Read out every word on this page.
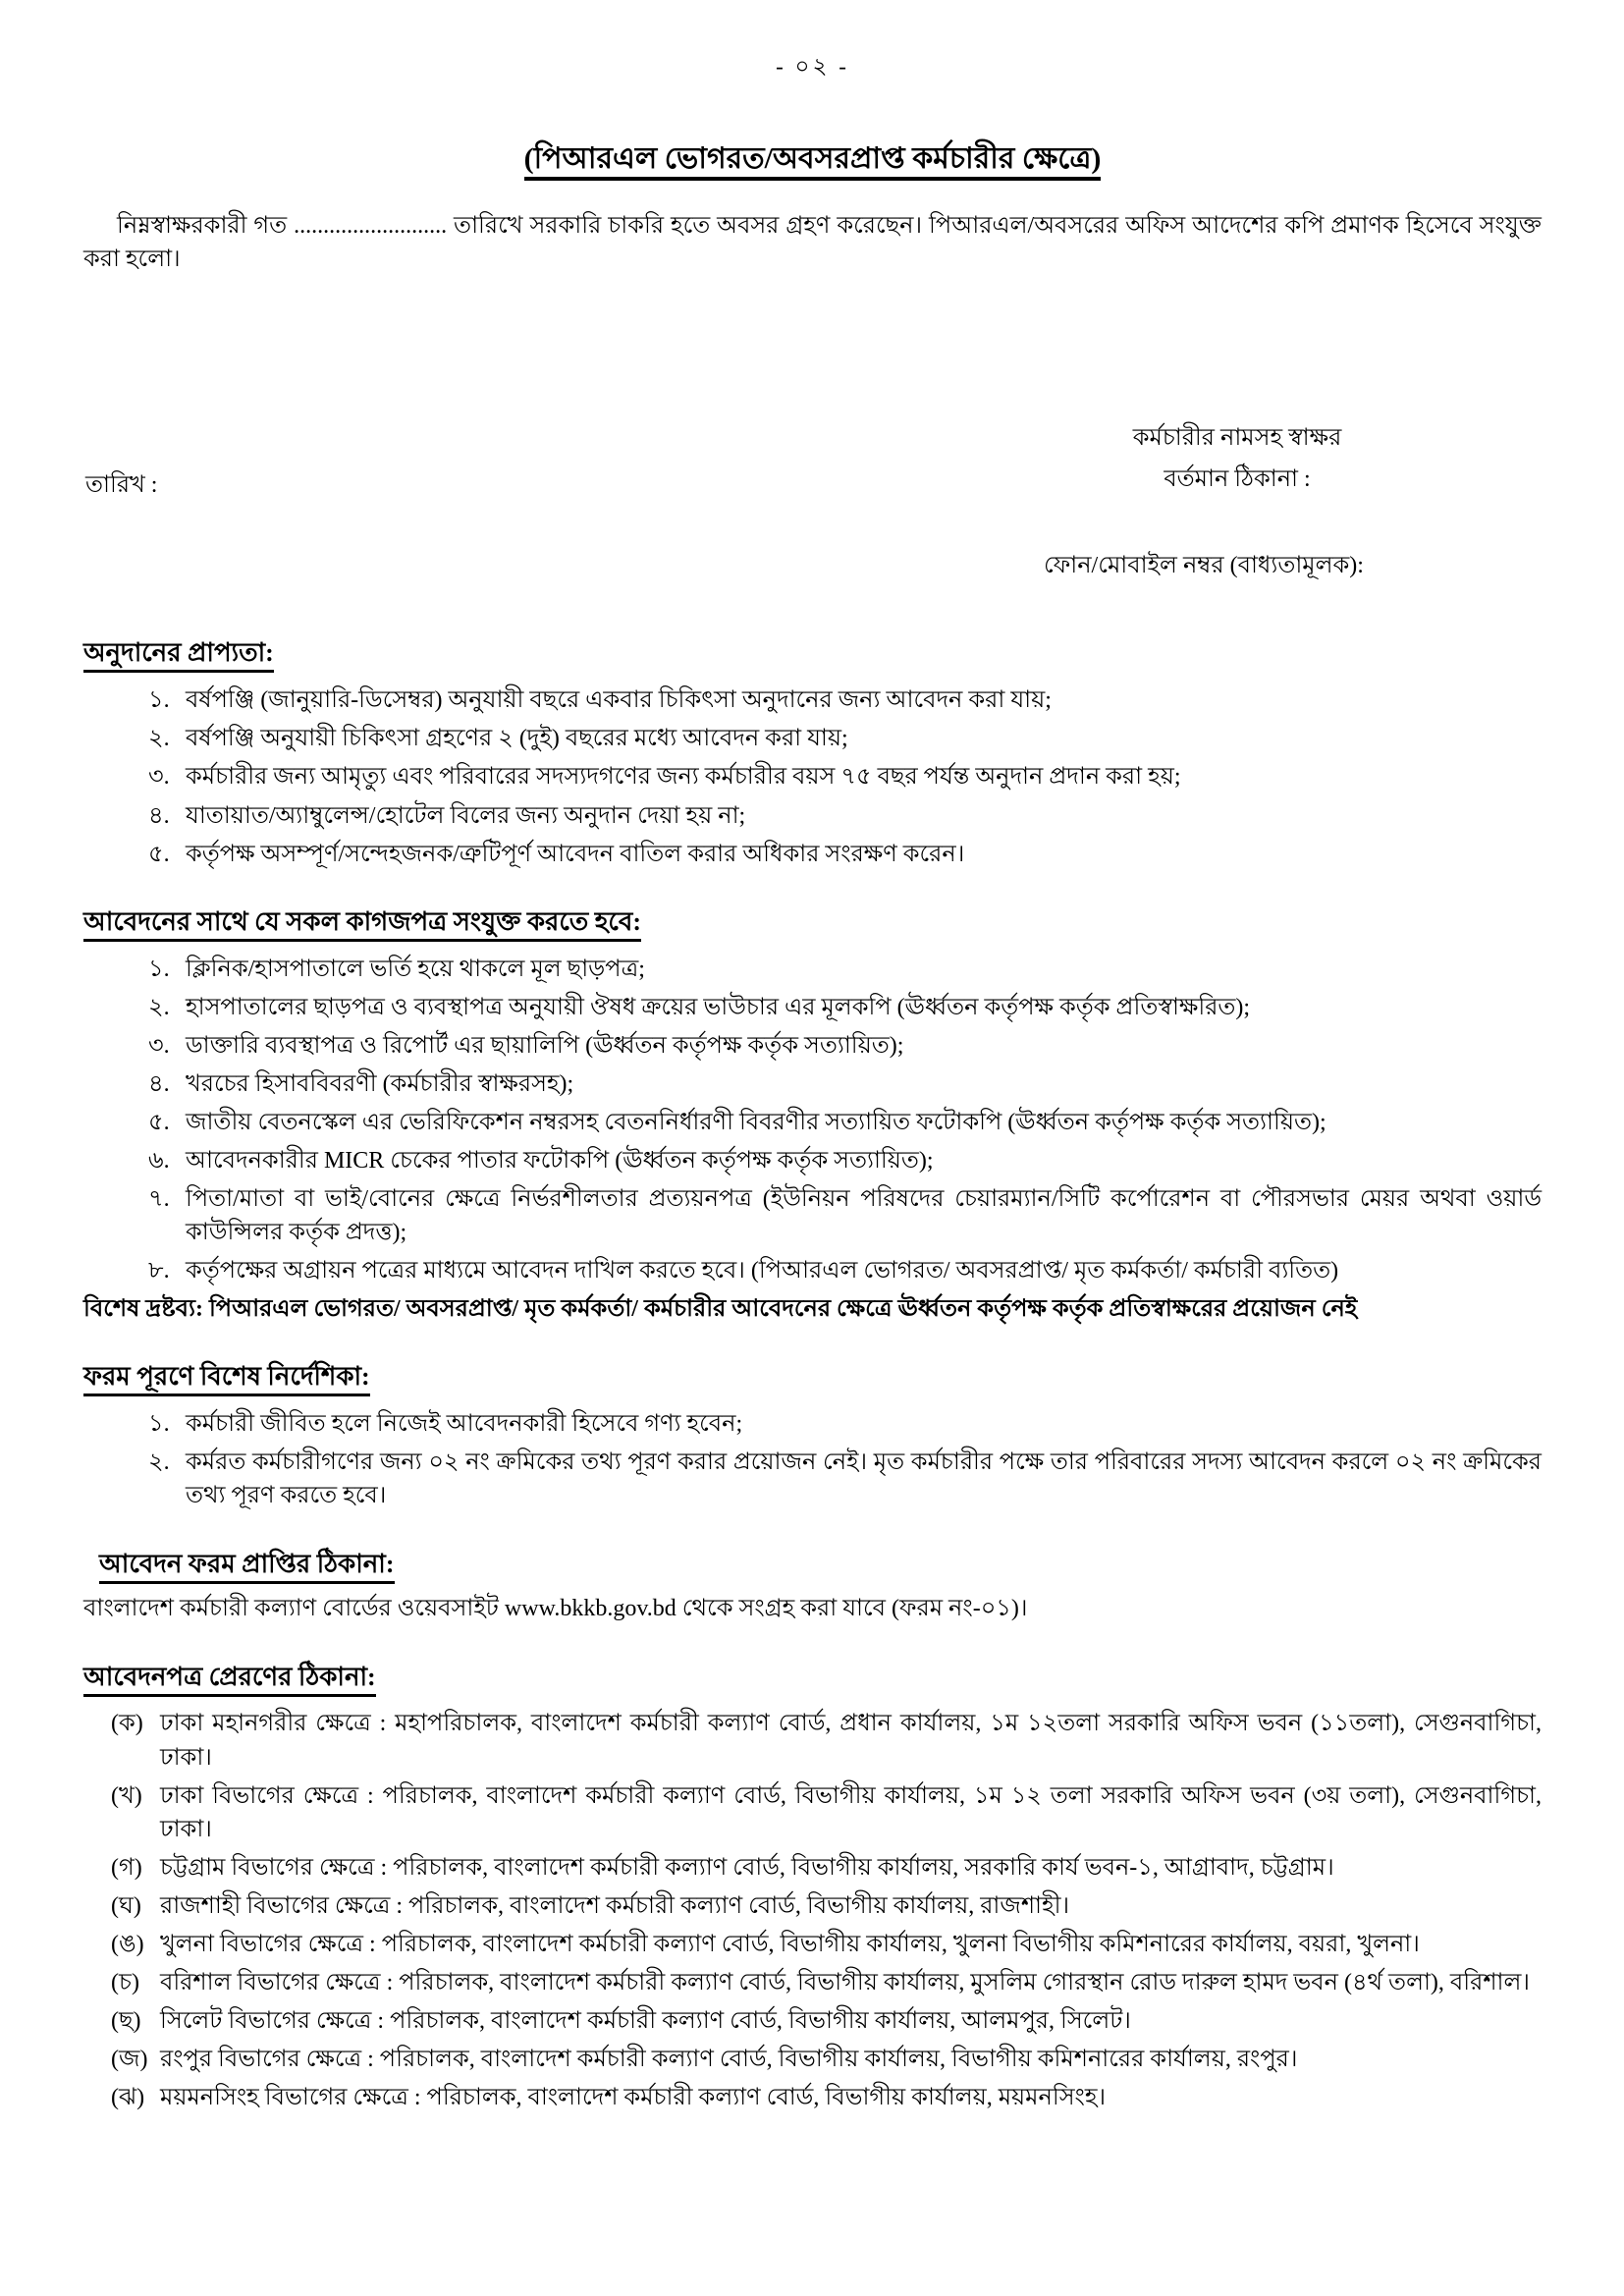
- ০২ -
(পিআরএল ভোগরত/অবসরপ্রাপ্ত কর্মচারীর ক্ষেত্রে)
নিম্নস্বাক্ষরকারী গত .......................... তারিখে সরকারি চাকরি হতে অবসর গ্রহণ করেছেন। পিআরএল/অবসরের অফিস আদেশের কপি প্রমাণক হিসেবে সংযুক্ত করা হলো।
কর্মচারীর নামসহ স্বাক্ষর
বর্তমান ঠিকানা :
তারিখ :
ফোন/মোবাইল নম্বর (বাধ্যতামূলক):
অনুদানের প্রাপ্যতা:
১. বর্ষপঞ্জি (জানুয়ারি-ডিসেম্বর) অনুযায়ী বছরে একবার চিকিৎসা অনুদানের জন্য আবেদন করা যায়;
২. বর্ষপঞ্জি অনুযায়ী চিকিৎসা গ্রহণের ২ (দুই) বছরের মধ্যে আবেদন করা যায়;
৩. কর্মচারীর জন্য আমৃত্যু এবং পরিবারের সদস্যদগণের জন্য কর্মচারীর বয়স ৭৫ বছর পর্যন্ত অনুদান প্রদান করা হয়;
৪. যাতায়াত/অ্যাম্বুলেন্স/হোটেল বিলের জন্য অনুদান দেয়া হয় না;
৫. কর্তৃপক্ষ অসম্পূর্ণ/সন্দেহজনক/ত্রুটিপূর্ণ আবেদন বাতিল করার অধিকার সংরক্ষণ করেন।
আবেদনের সাথে যে সকল কাগজপত্র সংযুক্ত করতে হবে:
১. ক্লিনিক/হাসপাতালে ভর্তি হয়ে থাকলে মূল ছাড়পত্র;
২. হাসপাতালের ছাড়পত্র ও ব্যবস্থাপত্র অনুযায়ী ঔষধ ক্রয়ের ভাউচার এর মূলকপি (ঊর্ধ্বতন কর্তৃপক্ষ কর্তৃক প্রতিস্বাক্ষরিত);
৩. ডাক্তারি ব্যবস্থাপত্র ও রিপোর্ট এর ছায়ালিপি (ঊর্ধ্বতন কর্তৃপক্ষ কর্তৃক সত্যায়িত);
৪. খরচের হিসাববিবরণী (কর্মচারীর স্বাক্ষরসহ);
৫. জাতীয় বেতনস্কেল এর ভেরিফিকেশন নম্বরসহ বেতননির্ধারণী বিবরণীর সত্যায়িত ফটোকপি (ঊর্ধ্বতন কর্তৃপক্ষ কর্তৃক সত্যায়িত);
৬. আবেদনকারীর MICR চেকের পাতার ফটোকপি (ঊর্ধ্বতন কর্তৃপক্ষ কর্তৃক সত্যায়িত);
৭. পিতা/মাতা বা ভাই/বোনের ক্ষেত্রে নির্ভরশীলতার প্রত্যয়নপত্র (ইউনিয়ন পরিষদের চেয়ারম্যান/সিটি কর্পোরেশন বা পৌরসভার মেয়র অথবা ওয়ার্ড কাউন্সিলর কর্তৃক প্রদত্ত);
৮. কর্তৃপক্ষের অগ্রায়ন পত্রের মাধ্যমে আবেদন দাখিল করতে হবে। (পিআরএল ভোগরত/ অবসরপ্রাপ্ত/ মৃত কর্মকর্তা/ কর্মচারী ব্যতিত)
বিশেষ দ্রষ্টব্য: পিআরএল ভোগরত/ অবসরপ্রাপ্ত/ মৃত কর্মকর্তা/ কর্মচারীর আবেদনের ক্ষেত্রে ঊর্ধ্বতন কর্তৃপক্ষ কর্তৃক প্রতিস্বাক্ষরের প্রয়োজন নেই
ফরম পূরণে বিশেষ নির্দেশিকা:
১. কর্মচারী জীবিত হলে নিজেই আবেদনকারী হিসেবে গণ্য হবেন;
২. কর্মরত কর্মচারীগণের জন্য ০২ নং ক্রমিকের তথ্য পূরণ করার প্রয়োজন নেই। মৃত কর্মচারীর পক্ষে তার পরিবারের সদস্য আবেদন করলে ০২ নং ক্রমিকের তথ্য পূরণ করতে হবে।
আবেদন ফরম প্রাপ্তির ঠিকানা:
বাংলাদেশ কর্মচারী কল্যাণ বোর্ডের ওয়েবসাইট www.bkkb.gov.bd থেকে সংগ্রহ করা যাবে (ফরম নং-০১)।
আবেদনপত্র প্রেরণের ঠিকানা:
(ক) ঢাকা মহানগরীর ক্ষেত্রে : মহাপরিচালক, বাংলাদেশ কর্মচারী কল্যাণ বোর্ড, প্রধান কার্যালয়, ১ম ১২তলা সরকারি অফিস ভবন (১১তলা), সেগুনবাগিচা, ঢাকা।
(খ) ঢাকা বিভাগের ক্ষেত্রে : পরিচালক, বাংলাদেশ কর্মচারী কল্যাণ বোর্ড, বিভাগীয় কার্যালয়, ১ম ১২ তলা সরকারি অফিস ভবন (৩য় তলা), সেগুনবাগিচা, ঢাকা।
(গ) চট্টগ্রাম বিভাগের ক্ষেত্রে : পরিচালক, বাংলাদেশ কর্মচারী কল্যাণ বোর্ড, বিভাগীয় কার্যালয়, সরকারি কার্য ভবন-১, আগ্রাবাদ, চট্টগ্রাম।
(ঘ) রাজশাহী বিভাগের ক্ষেত্রে : পরিচালক, বাংলাদেশ কর্মচারী কল্যাণ বোর্ড, বিভাগীয় কার্যালয়, রাজশাহী।
(ঙ) খুলনা বিভাগের ক্ষেত্রে : পরিচালক, বাংলাদেশ কর্মচারী কল্যাণ বোর্ড, বিভাগীয় কার্যালয়, খুলনা বিভাগীয় কমিশনারের কার্যালয়, বয়রা, খুলনা।
(চ) বরিশাল বিভাগের ক্ষেত্রে : পরিচালক, বাংলাদেশ কর্মচারী কল্যাণ বোর্ড, বিভাগীয় কার্যালয়, মুসলিম গোরস্থান রোড দারুল হামদ ভবন (৪র্থ তলা), বরিশাল।
(ছ) সিলেট বিভাগের ক্ষেত্রে : পরিচালক, বাংলাদেশ কর্মচারী কল্যাণ বোর্ড, বিভাগীয় কার্যালয়, আলমপুর, সিলেট।
(জ) রংপুর বিভাগের ক্ষেত্রে : পরিচালক, বাংলাদেশ কর্মচারী কল্যাণ বোর্ড, বিভাগীয় কার্যালয়, বিভাগীয় কমিশনারের কার্যালয়, রংপুর।
(ঝ) ময়মনসিংহ বিভাগের ক্ষেত্রে : পরিচালক, বাংলাদেশ কর্মচারী কল্যাণ বোর্ড, বিভাগীয় কার্যালয়, ময়মনসিংহ।
